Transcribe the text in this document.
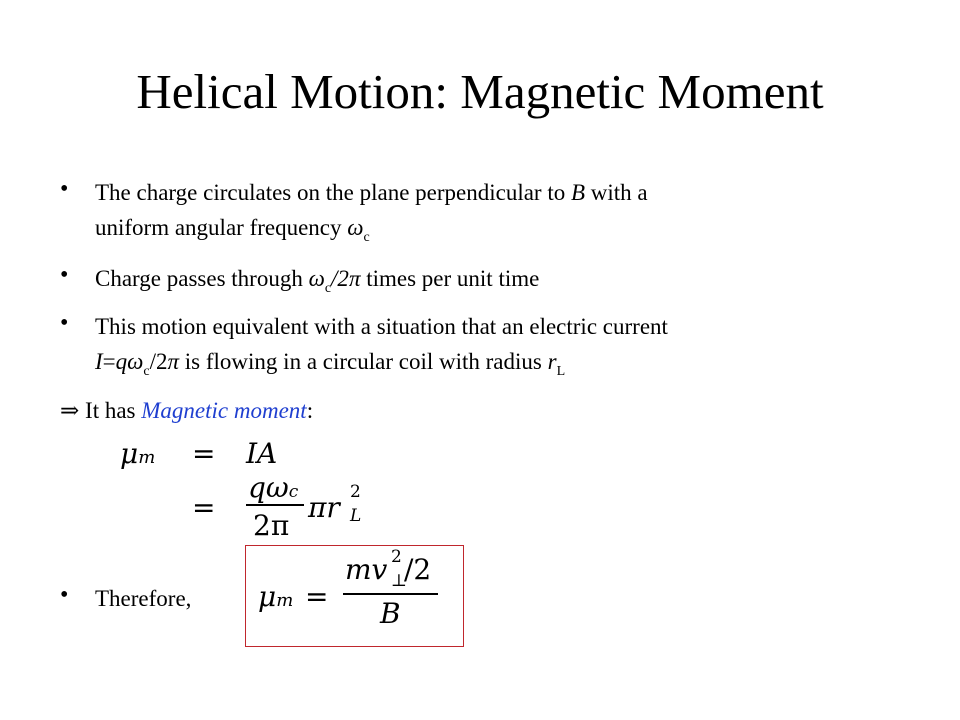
Helical Motion: Magnetic Moment
• The charge circulates on the plane perpendicular to B with a
uniform angular frequency $\omega_c$
• Charge passes through $\omega_c/2\pi$ times per unit time
• This motion equivalent with a situation that an electric current
$I=q\omega_c/2\pi$ is flowing in a circular coil with radius $r_L$
⇒ It has Magnetic moment:
μm = IA
=
qωc
2π
πr 2
L
• Therefore, μm =
mv 2
⊥
/2
B
